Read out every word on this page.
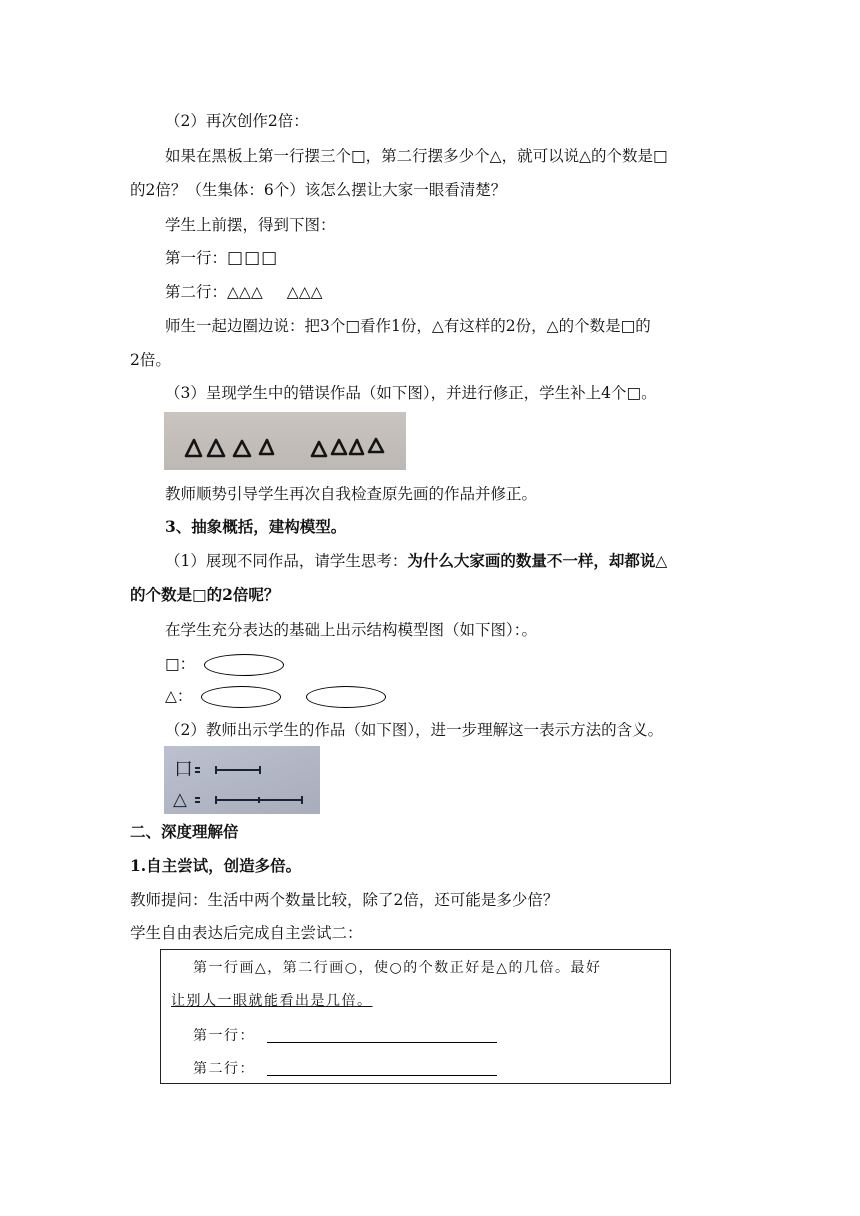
（2）再次创作2倍：
如果在黑板上第一行摆三个□，第二行摆多少个△，就可以说△的个数是□
的2倍？（生集体：6个）该怎么摆让大家一眼看清楚？
学生上前摆，得到下图：
第一行：□□□
第二行：△△△ △△△
师生一起边圈边说：把3个□看作1份，△有这样的2份，△的个数是□的
2倍。
（3）呈现学生中的错误作品（如下图），并进行修正，学生补上4个□。
教师顺势引导学生再次自我检查原先画的作品并修正。
3、抽象概括，建构模型。
（1）展现不同作品，请学生思考：为什么大家画的数量不一样，却都说△
的个数是□的2倍呢？
在学生充分表达的基础上出示结构模型图（如下图）：。
□：
△：
（2）教师出示学生的作品（如下图），进一步理解这一表示方法的含义。
口
△
二、深度理解倍
1.自主尝试，创造多倍。
教师提问：生活中两个数量比较，除了2倍，还可能是多少倍？
学生自由表达后完成自主尝试二：
第一行画△，第二行画○，使○的个数正好是△的几倍。最好
让别人一眼就能看出是几倍。
第一行：
第二行：
